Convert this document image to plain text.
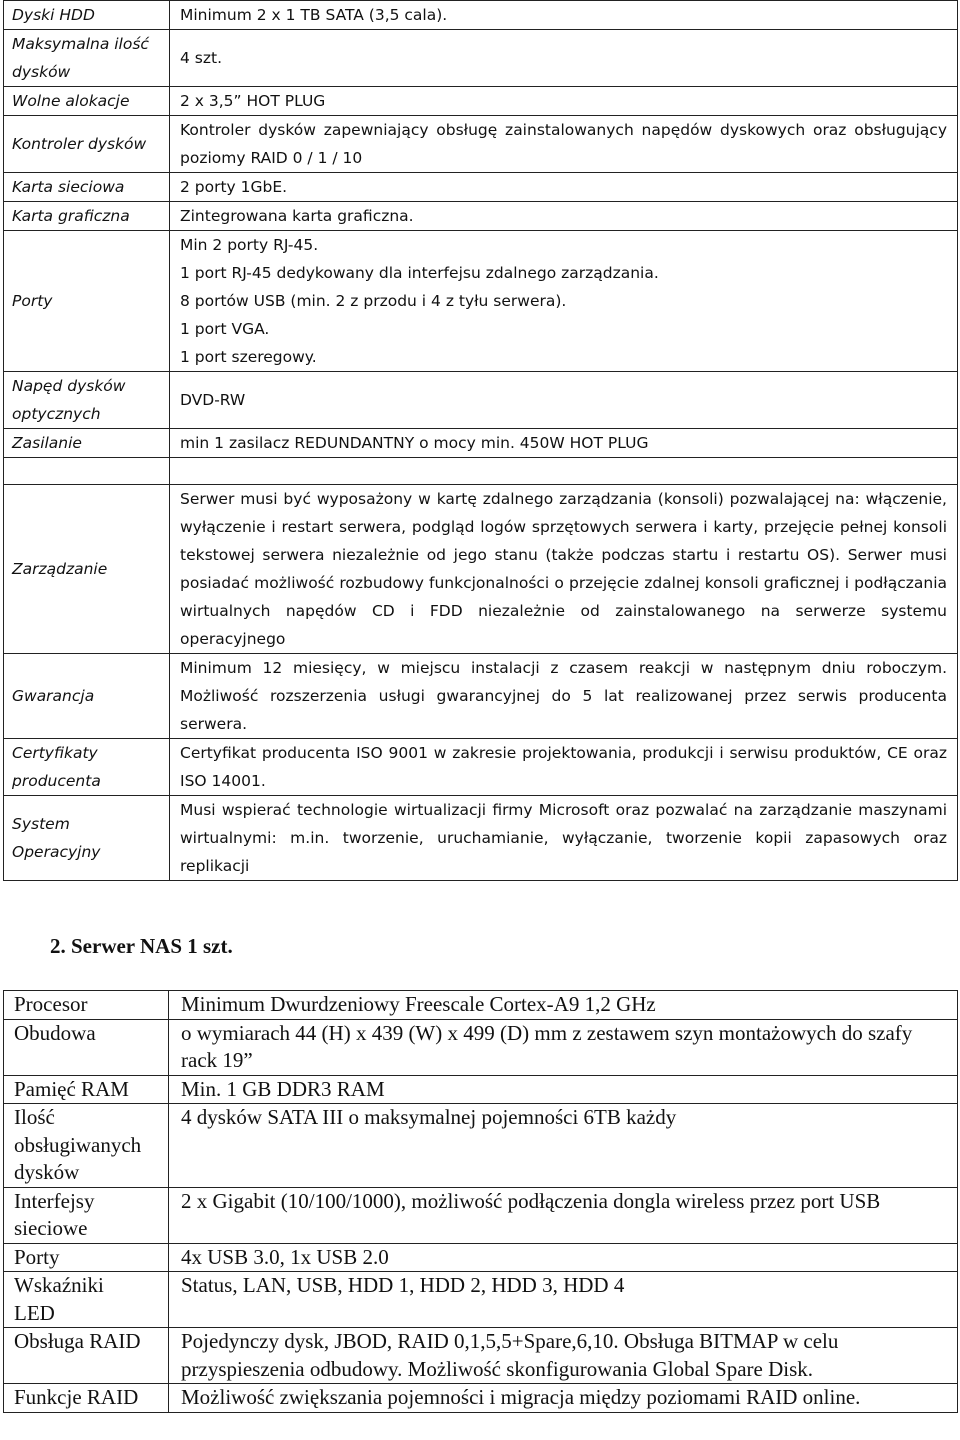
Dyski HDD	Minimum 2 x 1 TB SATA (3,5 cala).
Maksymalna ilość
dysków	4 szt.
Wolne alokacje	2 x 3,5” HOT PLUG
Kontroler dysków	Kontroler dysków zapewniający obsługę zainstalowanych napędów dyskowych oraz obsługujący poziomy RAID 0 / 1 / 10
Karta sieciowa	2 porty 1GbE.
Karta graficzna	Zintegrowana karta graficzna.
Porty	Min 2 porty RJ-45.
1 port RJ-45 dedykowany dla interfejsu zdalnego zarządzania.
8 portów USB (min. 2 z przodu i 4 z tyłu serwera).
1 port VGA.
1 port szeregowy.
Napęd dysków
optycznych	DVD-RW
Zasilanie	min 1 zasilacz REDUNDANTNY o mocy min. 450W HOT PLUG

Zarządzanie	Serwer musi być wyposażony w kartę zdalnego zarządzania (konsoli) pozwalającej na: włączenie, wyłączenie i restart serwera, podgląd logów sprzętowych serwera i karty, przejęcie pełnej konsoli tekstowej serwera niezależnie od jego stanu (także podczas startu i restartu OS). Serwer musi posiadać możliwość rozbudowy funkcjonalności o przejęcie zdalnej konsoli graficznej i podłączania wirtualnych napędów CD i FDD niezależnie od zainstalowanego na serwerze systemu operacyjnego
Gwarancja	Minimum 12 miesięcy, w miejscu instalacji z czasem reakcji w następnym dniu roboczym. Możliwość rozszerzenia usługi gwarancyjnej do 5 lat realizowanej przez serwis producenta serwera.
Certyfikaty
producenta	Certyfikat producenta ISO 9001 w zakresie projektowania, produkcji i serwisu produktów, CE oraz ISO 14001.
System
Operacyjny	Musi wspierać technologie wirtualizacji firmy Microsoft oraz pozwalać na zarządzanie maszynami wirtualnymi: m.in. tworzenie, uruchamianie, wyłączanie, tworzenie kopii zapasowych oraz replikacji
2. Serwer NAS 1 szt.
Procesor	Minimum Dwurdzeniowy Freescale Cortex-A9 1,2 GHz
Obudowa	o wymiarach 44 (H) x 439 (W) x 499 (D) mm z zestawem szyn montażowych do szafy rack 19”
Pamięć RAM	Min. 1 GB DDR3 RAM
Ilość
obsługiwanych
dysków	4 dysków SATA III o maksymalnej pojemności 6TB każdy
Interfejsy
sieciowe	2 x Gigabit (10/100/1000), możliwość podłączenia dongla wireless przez port USB
Porty	4x USB 3.0, 1x USB 2.0
Wskaźniki
LED	Status, LAN, USB, HDD 1, HDD 2, HDD 3, HDD 4
Obsługa RAID	Pojedynczy dysk, JBOD, RAID 0,1,5,5+Spare,6,10. Obsługa BITMAP w celu przyspieszenia odbudowy. Możliwość skonfigurowania Global Spare Disk.
Funkcje RAID	Możliwość zwiększania pojemności i migracja między poziomami RAID online.
